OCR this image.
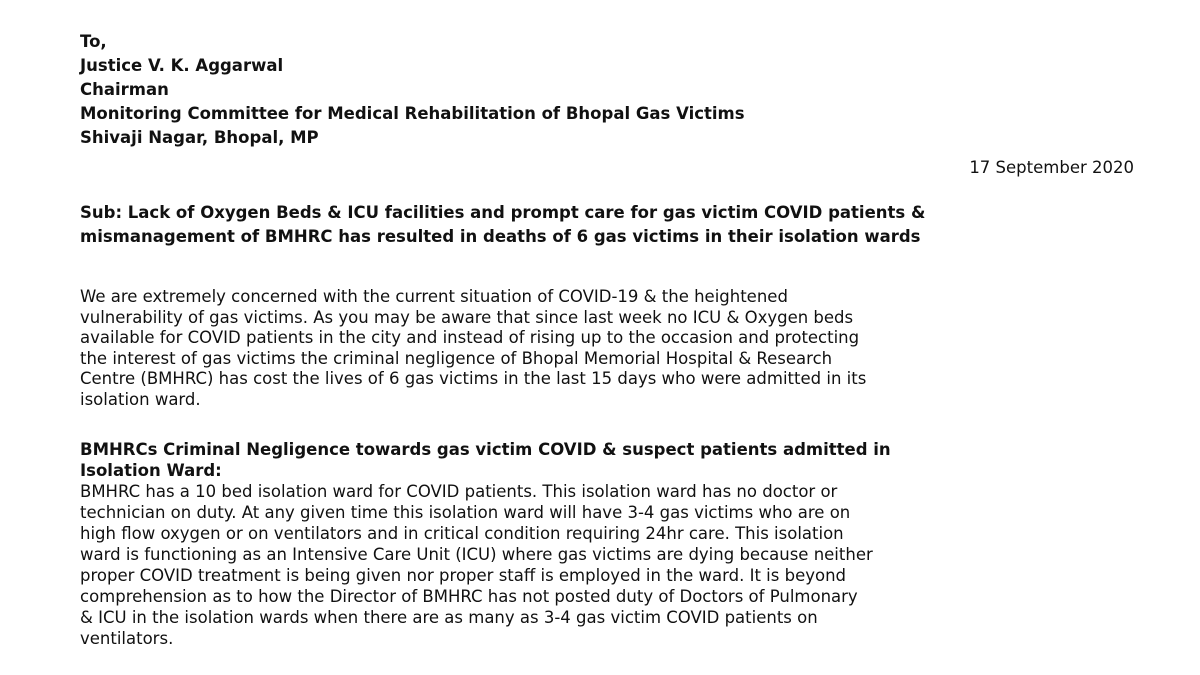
To,
Justice V. K. Aggarwal
Chairman
Monitoring Committee for Medical Rehabilitation of Bhopal Gas Victims
Shivaji Nagar, Bhopal, MP
17 September 2020
Sub: Lack of Oxygen Beds & ICU facilities and prompt care for gas victim COVID patients &
mismanagement of BMHRC has resulted in deaths of 6 gas victims in their isolation wards
We are extremely concerned with the current situation of COVID-19 & the heightened
vulnerability of gas victims. As you may be aware that since last week no ICU & Oxygen beds
available for COVID patients in the city and instead of rising up to the occasion and protecting
the interest of gas victims the criminal negligence of Bhopal Memorial Hospital & Research
Centre (BMHRC) has cost the lives of 6 gas victims in the last 15 days who were admitted in its
isolation ward.
BMHRCs Criminal Negligence towards gas victim COVID & suspect patients admitted in
Isolation Ward:
BMHRC has a 10 bed isolation ward for COVID patients. This isolation ward has no doctor or
technician on duty. At any given time this isolation ward will have 3-4 gas victims who are on
high flow oxygen or on ventilators and in critical condition requiring 24hr care. This isolation
ward is functioning as an Intensive Care Unit (ICU) where gas victims are dying because neither
proper COVID treatment is being given nor proper staff is employed in the ward. It is beyond
comprehension as to how the Director of BMHRC has not posted duty of Doctors of Pulmonary
& ICU in the isolation wards when there are as many as 3-4 gas victim COVID patients on
ventilators.
